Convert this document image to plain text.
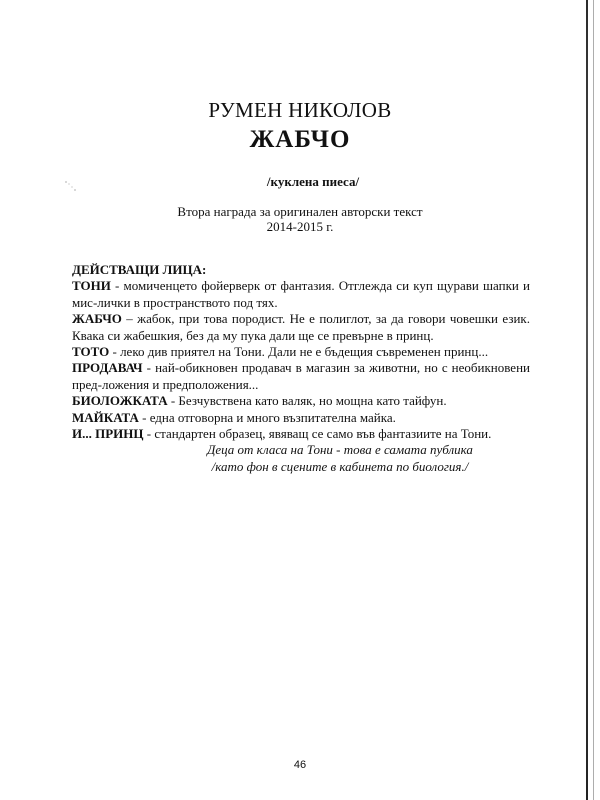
РУМЕН НИКОЛОВ
ЖАБЧО
/куклена пиеса/
Втора награда за оригинален авторски текст
2014-2015 г.
ДЕЙСТВАЩИ ЛИЦА:
ТОНИ - момиченцето фойерверк от фантазия. Отглежда си куп щурави шапки и мис-лички в пространството под тях.
ЖАБЧО – жабок, при това породист. Не е полиглот, за да говори човешки език. Квака си жабешкия, без да му пука дали ще се превърне в принц.
ТОТО - леко див приятел на Тони. Дали не е бъдещия съвременен принц...
ПРОДАВАЧ - най-обикновен продавач в магазин за животни, но с необикновени пред-ложения и предположения...
БИОЛОЖКАТА - Безчувствена като валяк, но мощна като тайфун.
МАЙКАТА - една отговорна и много възпитателна майка.
И... ПРИНЦ - стандартен образец, явяващ се само във фантазиите на Тони.
Деца от класа на Тони - това е самата публика
/като фон в сцените в кабинета по биология./
46
